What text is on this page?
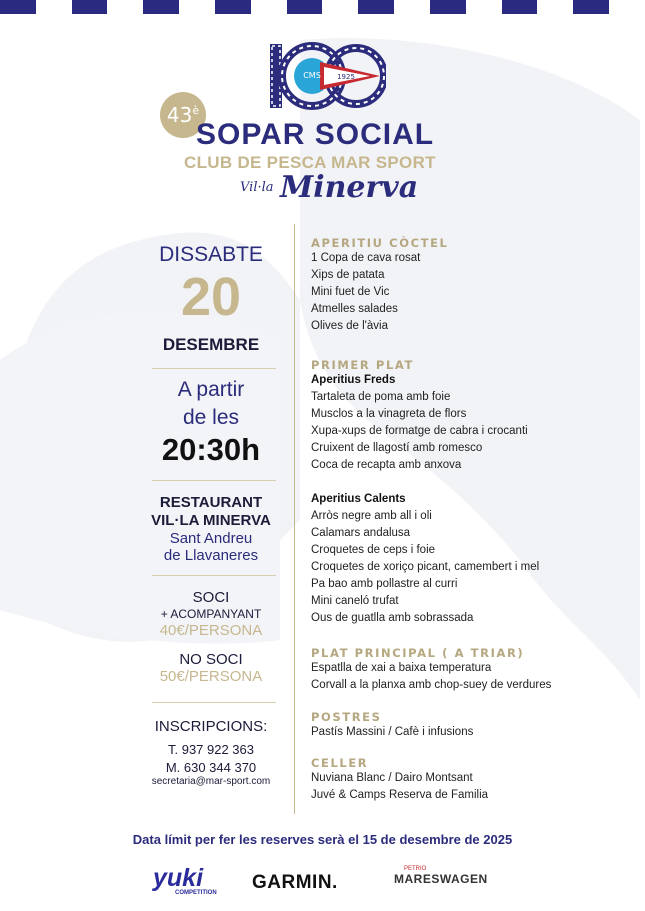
CMS 1925
$43^è$
SOPAR SOCIAL
CLUB DE PESCA MAR SPORT
Vil·la Minerva
DISSABTE
20
DESEMBRE
A partir
de les
20:30h
RESTAURANT
VIL·LA MINERVA
Sant Andreu
de Llavaneres
SOCI
+ ACOMPANYANT
40€/PERSONA
NO SOCI
50€/PERSONA
INSCRIPCIONS:
T. 937 922 363
M. 630 344 370
secretaria@mar-sport.com
APERITIU CÒCTEL
1 Copa de cava rosat
Xips de patata
Mini fuet de Vic
Atmelles salades
Olives de l'àvia
PRIMER PLAT
Aperitius Freds
Tartaleta de poma amb foie
Musclos a la vinagreta de flors
Xupa-xups de formatge de cabra i crocanti
Cruixent de llagostí amb romesco
Coca de recapta amb anxova
Aperitius Calents
Arròs negre amb all i oli
Calamars andalusa
Croquetes de ceps i foie
Croquetes de xoriço picant, camembert i mel
Pa bao amb pollastre al curri
Mini caneló trufat
Ous de guatlla amb sobrassada
PLAT PRINCIPAL ( A TRIAR)
Espatlla de xai a baixa temperatura
Corvall a la planxa amb chop-suey de verdures
POSTRES
Pastís Massini / Cafè i infusions
CELLER
Nuviana Blanc / Dairo Montsant
Juvé & Camps Reserva de Familia
Data límit per fer les reserves serà el 15 de desembre de 2025
yuki
COMPETITION GARMIN.
PETRIO
MARESWAGEN
